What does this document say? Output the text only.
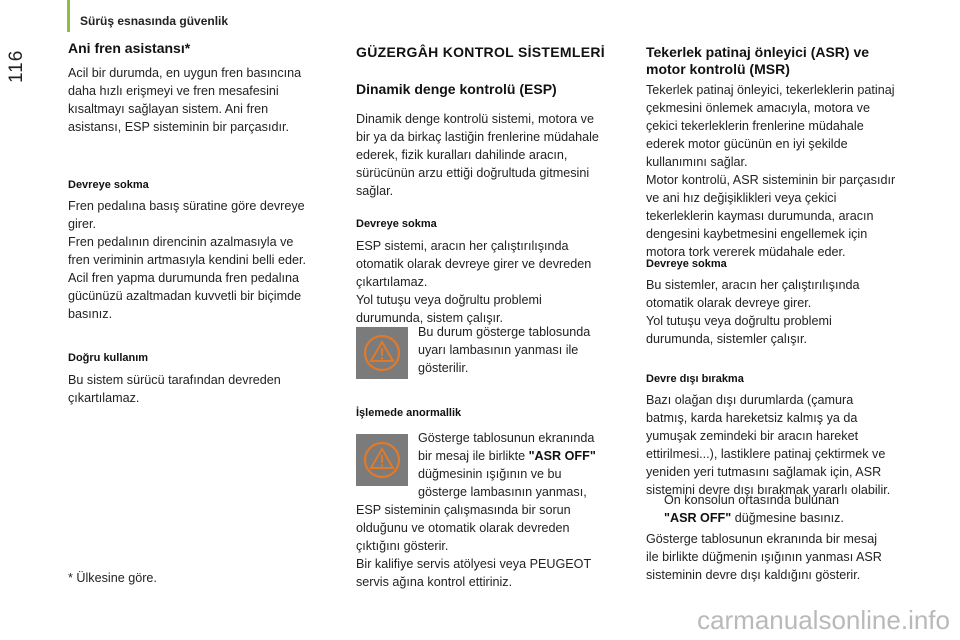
Sürüş esnasında güvenlik
116
Ani fren asistansı*
Acil bir durumda, en uygun fren basıncına
daha hızlı erişmeyi ve fren mesafesini
kısaltmayı sağlayan sistem. Ani fren
asistansı, ESP sisteminin bir parçasıdır.
Devreye sokma
Fren pedalına basış süratine göre devreye
girer.
Fren pedalının direncinin azalmasıyla ve
fren veriminin artmasıyla kendini belli eder.
Acil fren yapma durumunda fren pedalına
gücünüzü azaltmadan kuvvetli bir biçimde
basınız.
Doğru kullanım
Bu sistem sürücü tarafından devreden
çıkartılamaz.
* Ülkesine göre.
GÜZERGÂH KONTROL SİSTEMLERİ
Dinamik denge kontrolü (ESP)
Dinamik denge kontrolü sistemi, motora ve
bir ya da birkaç lastiğin frenlerine müdahale
ederek, fizik kuralları dahilinde aracın,
sürücünün arzu ettiği doğrultuda gitmesini
sağlar.
Devreye sokma
ESP sistemi, aracın her çalıştırılışında
otomatik olarak devreye girer ve devreden
çıkartılamaz.
Yol tutuşu veya doğrultu problemi
durumunda, sistem çalışır.
Bu durum gösterge tablosunda
uyarı lambasının yanması ile
gösterilir.
İşlemede anormallik
Gösterge tablosunun ekranında
bir mesaj ile birlikte "ASR OFF"
düğmesinin ışığının ve bu
gösterge lambasının yanması,
ESP sisteminin çalışmasında bir sorun
olduğunu ve otomatik olarak devreden
çıktığını gösterir.
Bir kalifiye servis atölyesi veya PEUGEOT
servis ağına kontrol ettiriniz.
Tekerlek patinaj önleyici (ASR) ve
motor kontrolü (MSR)
Tekerlek patinaj önleyici, tekerleklerin patinaj
çekmesini önlemek amacıyla, motora ve
çekici tekerleklerin frenlerine müdahale
ederek motor gücünün en iyi şekilde
kullanımını sağlar.
Motor kontrolü, ASR sisteminin bir parçasıdır
ve ani hız değişiklikleri veya çekici
tekerleklerin kayması durumunda, aracın
dengesini kaybetmesini engellemek için
motora tork vererek müdahale eder.
Devreye sokma
Bu sistemler, aracın her çalıştırılışında
otomatik olarak devreye girer.
Yol tutuşu veya doğrultu problemi
durumunda, sistemler çalışır.
Devre dışı bırakma
Bazı olağan dışı durumlarda (çamura
batmış, karda hareketsiz kalmış ya da
yumuşak zemindeki bir aracın hareket
ettirilmesi...), lastiklere patinaj çektirmek ve
yeniden yeri tutmasını sağlamak için, ASR
sistemini devre dışı bırakmak yararlı olabilir.
Ön konsolun ortasında bulunan
"ASR OFF" düğmesine basınız.
Gösterge tablosunun ekranında bir mesaj
ile birlikte düğmenin ışığının yanması ASR
sisteminin devre dışı kaldığını gösterir.
carmanualsonline.info
